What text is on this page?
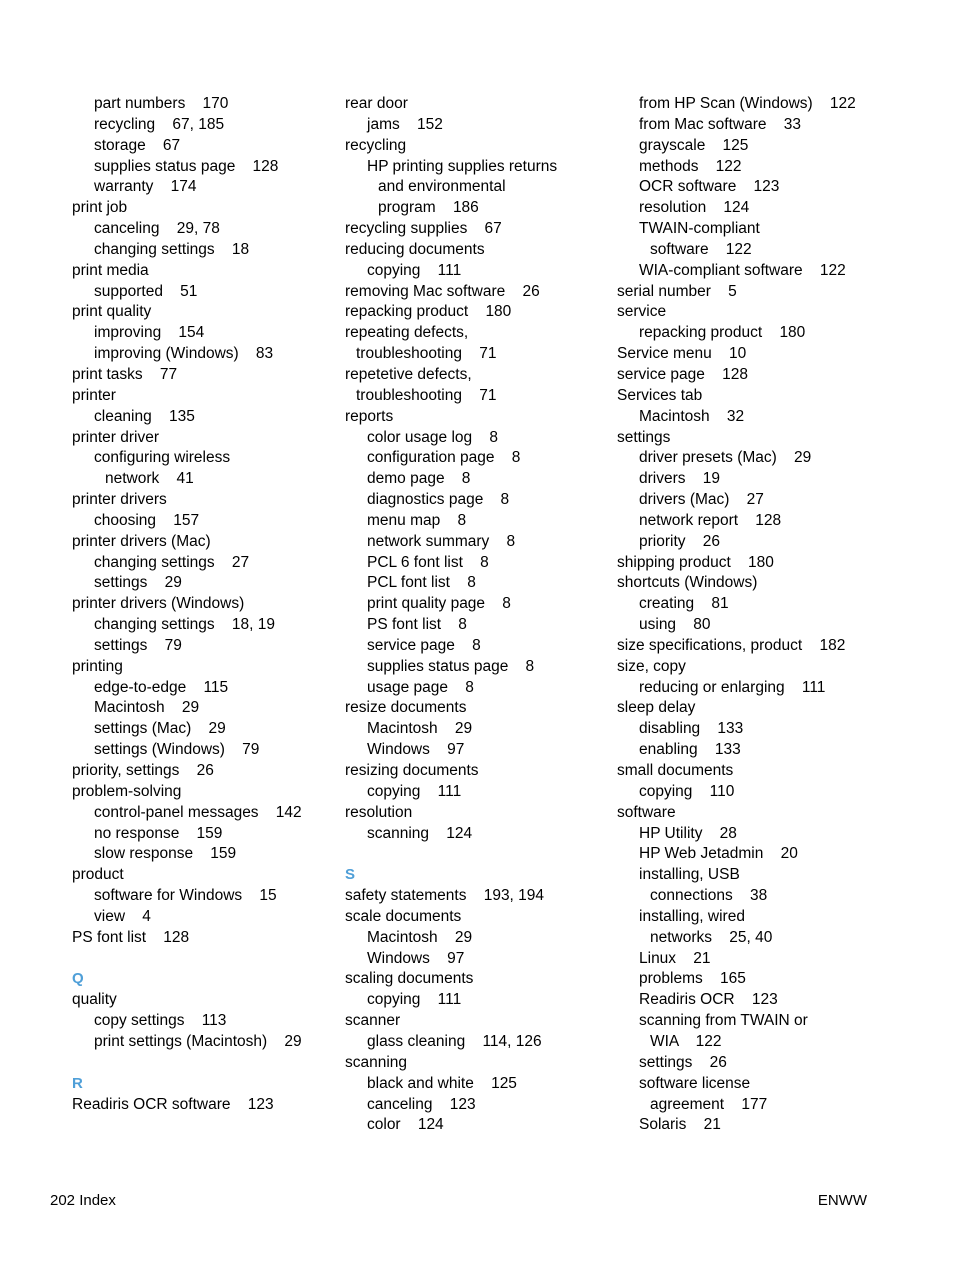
part numbers    170
recycling    67, 185
storage    67
supplies status page    128
warranty    174
print job
canceling    29, 78
changing settings    18
print media
supported    51
print quality
improving    154
improving (Windows)    83
print tasks    77
printer
cleaning    135
printer driver
configuring wireless
network    41
printer drivers
choosing    157
printer drivers (Mac)
changing settings    27
settings    29
printer drivers (Windows)
changing settings    18, 19
settings    79
printing
edge-to-edge    115
Macintosh    29
settings (Mac)    29
settings (Windows)    79
priority, settings    26
problem-solving
control-panel messages    142
no response    159
slow response    159
product
software for Windows    15
view    4
PS font list    128
Q
quality
copy settings    113
print settings (Macintosh)    29
R
Readiris OCR software    123
rear door
jams    152
recycling
HP printing supplies returns
and environmental
program    186
recycling supplies    67
reducing documents
copying    111
removing Mac software    26
repacking product    180
repeating defects,
troubleshooting    71
repetetive defects,
troubleshooting    71
reports
color usage log    8
configuration page    8
demo page    8
diagnostics page    8
menu map    8
network summary    8
PCL 6 font list    8
PCL font list    8
print quality page    8
PS font list    8
service page    8
supplies status page    8
usage page    8
resize documents
Macintosh    29
Windows    97
resizing documents
copying    111
resolution
scanning    124
S
safety statements    193, 194
scale documents
Macintosh    29
Windows    97
scaling documents
copying    111
scanner
glass cleaning    114, 126
scanning
black and white    125
canceling    123
color    124
from HP Scan (Windows)    122
from Mac software    33
grayscale    125
methods    122
OCR software    123
resolution    124
TWAIN-compliant
software    122
WIA-compliant software    122
serial number    5
service
repacking product    180
Service menu    10
service page    128
Services tab
Macintosh    32
settings
driver presets (Mac)    29
drivers    19
drivers (Mac)    27
network report    128
priority    26
shipping product    180
shortcuts (Windows)
creating    81
using    80
size specifications, product    182
size, copy
reducing or enlarging    111
sleep delay
disabling    133
enabling    133
small documents
copying    110
software
HP Utility    28
HP Web Jetadmin    20
installing, USB
connections    38
installing, wired
networks    25, 40
Linux    21
problems    165
Readiris OCR    123
scanning from TWAIN or
WIA    122
settings    26
software license
agreement    177
Solaris    21
202 Index	ENWW
